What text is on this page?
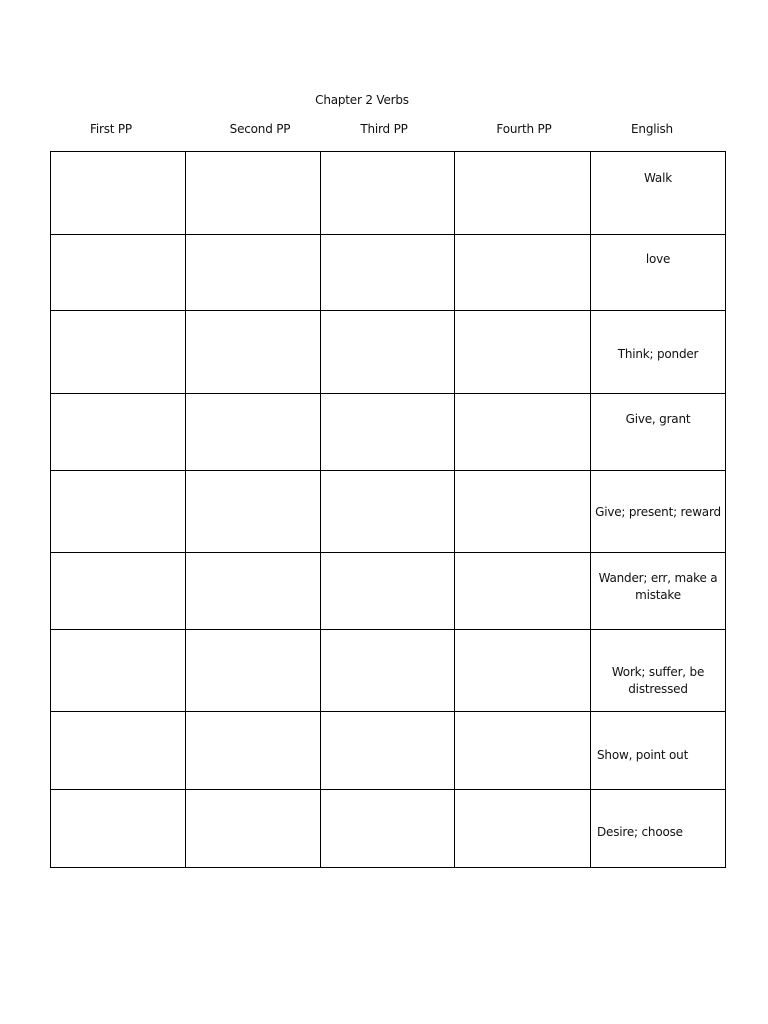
Chapter 2 Verbs
First PP	Second PP	Third PP	Fourth PP	English

				Walk

				love

				Think; ponder

				Give, grant

				Give; present; reward

				Wander; err, make a mistake

				Work; suffer, be distressed

				Show, point out

				Desire; choose
